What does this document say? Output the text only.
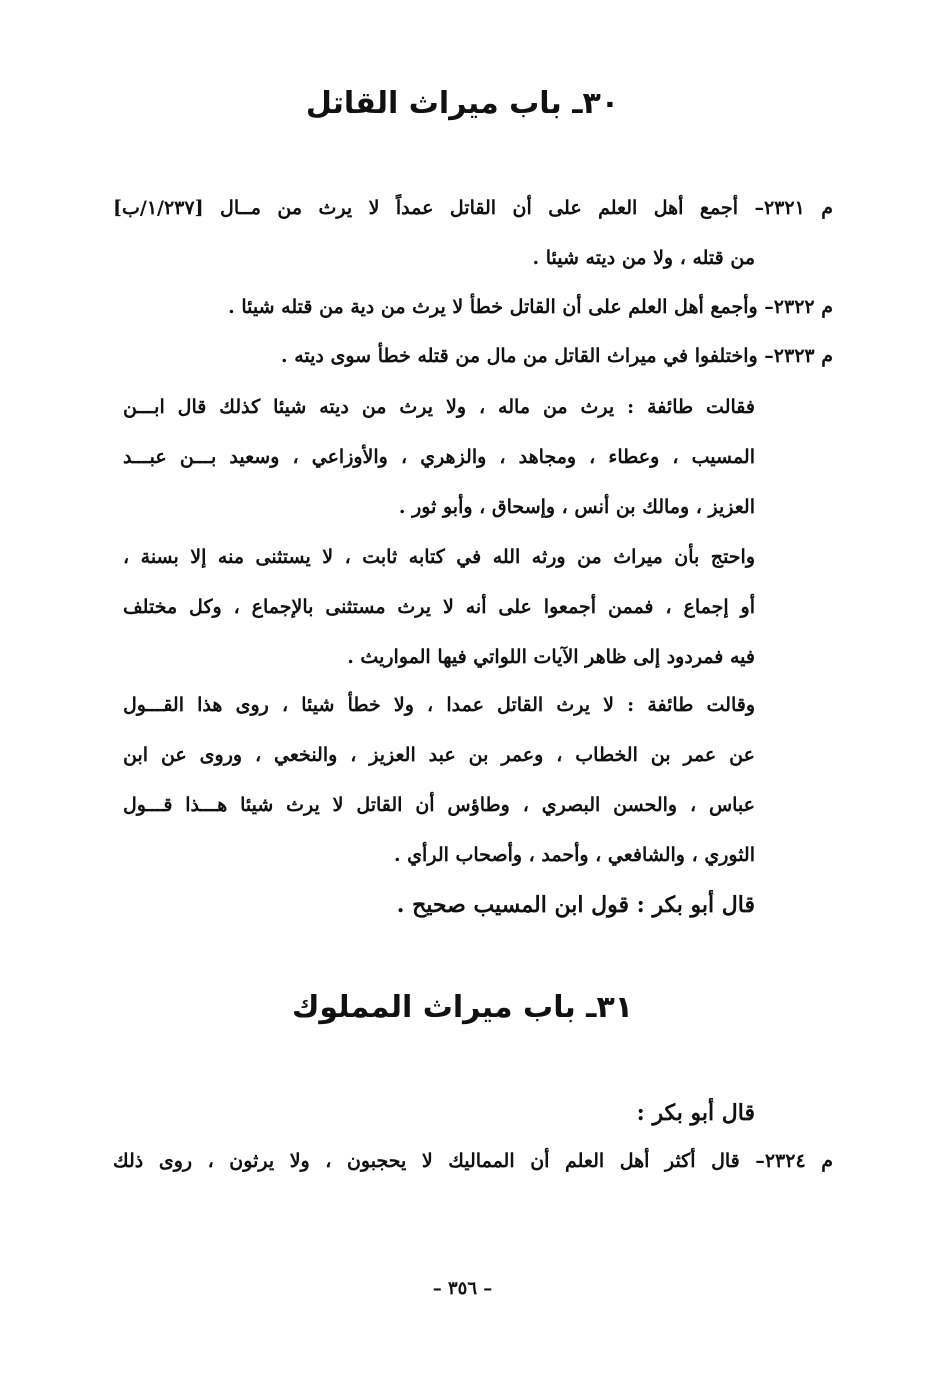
٣٠ـ باب ميراث القاتل
م ٢٣٢١– أجمع أهل العلم على أن القاتل عمداً لا يرث من مــال [١/٢٣٧/ب]
من قتله ، ولا من ديته شيئا .
م ٢٣٢٢– وأجمع أهل العلم على أن القاتل خطأ لا يرث من دية من قتله شيئا .
م ٢٣٢٣– واختلفوا في ميراث القاتل من مال من قتله خطأ سوى ديته .
فقالت طائفة : يرث من ماله ، ولا يرث من ديته شيئا كذلك قال ابـــن
المسيب ، وعطاء ، ومجاهد ، والزهري ، والأوزاعي ، وسعيد بـــن عبـــد
العزيز ، ومالك بن أنس ، وإسحاق ، وأبو ثور .
واحتج بأن ميراث من ورثه الله في كتابه ثابت ، لا يستثنى منه إلا بسنة ،
أو إجماع ، فممن أجمعوا على أنه لا يرث مستثنى بالإجماع ، وكل مختلف
فيه فمردود إلى ظاهر الآيات اللواتي فيها المواريث .
وقالت طائفة : لا يرث القاتل عمدا ، ولا خطأ شيئا ، روى هذا القـــول
عن عمر بن الخطاب ، وعمر بن عبد العزيز ، والنخعي ، وروى عن ابن
عباس ، والحسن البصري ، وطاؤس أن القاتل لا يرث شيئا هـــذا قـــول
الثوري ، والشافعي ، وأحمد ، وأصحاب الرأي .
قال أبو بكر : قول ابن المسيب صحيح .
٣١ـ باب ميراث المملوك
قال أبو بكر :
م ٢٣٢٤– قال أكثر أهل العلم أن المماليك لا يحجبون ، ولا يرثون ، روى ذلك
– ٣٥٦ –
